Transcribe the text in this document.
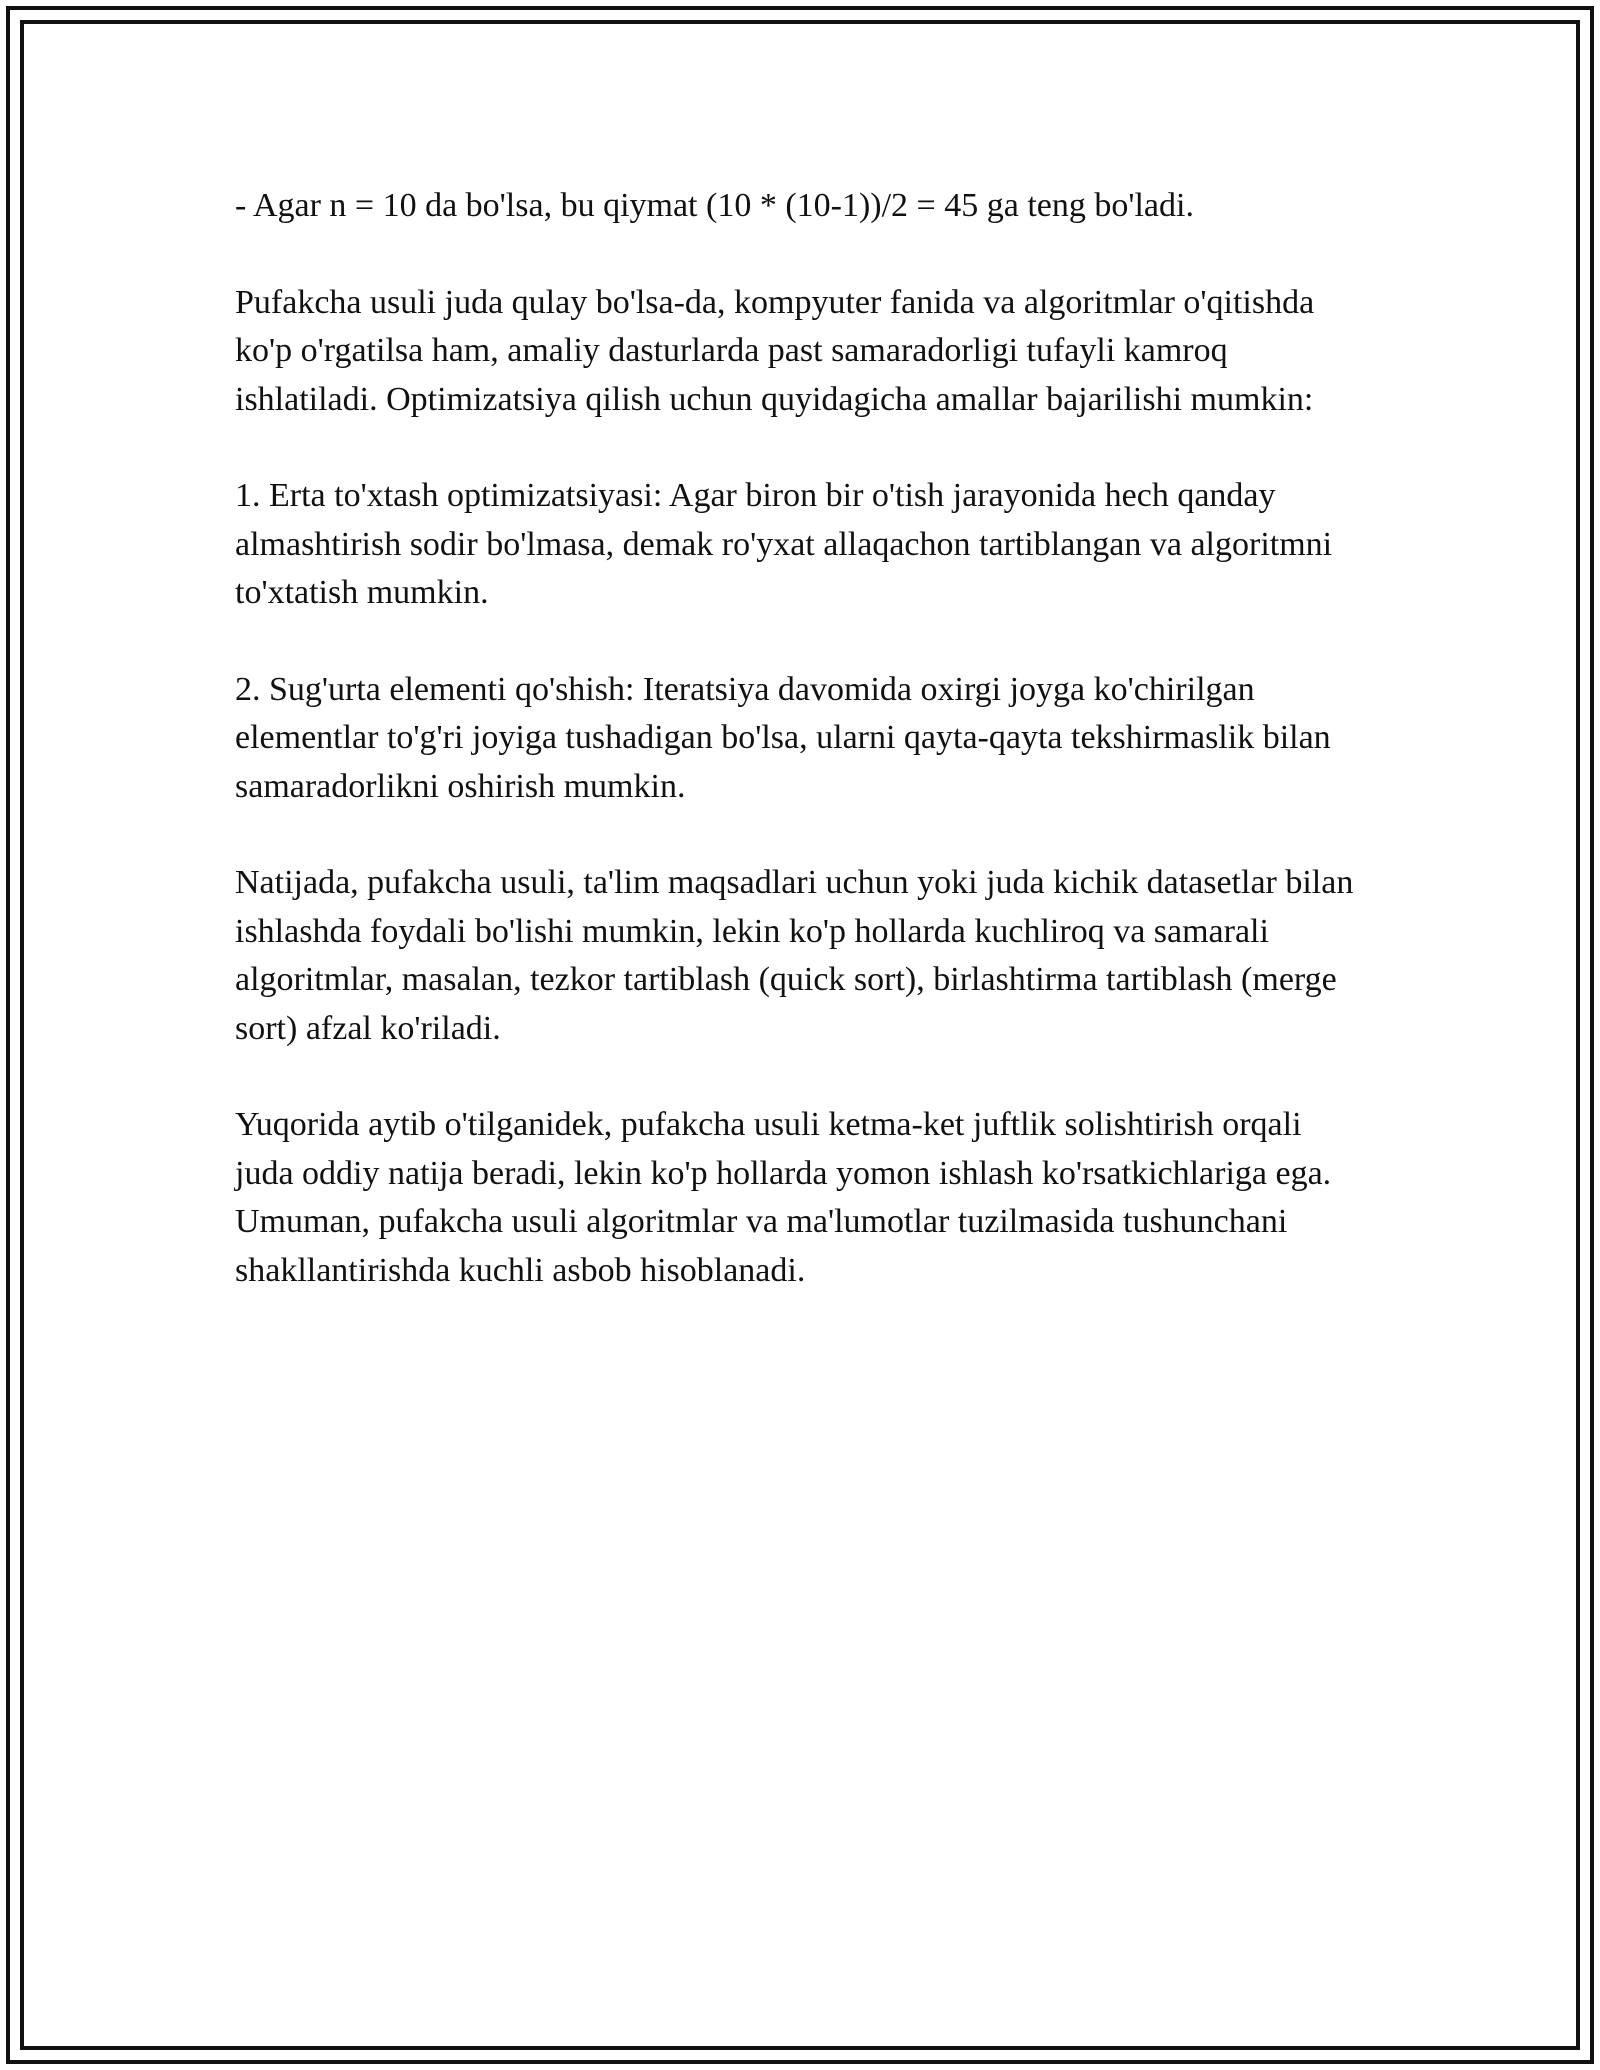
- Agar n = 10 da bo'lsa, bu qiymat (10 * (10-1))/2 = 45 ga teng bo'ladi.

Pufakcha usuli juda qulay bo'lsa-da, kompyuter fanida va algoritmlar o'qitishda ko'p o'rgatilsa ham, amaliy dasturlarda past samaradorligi tufayli kamroq ishlatiladi. Optimizatsiya qilish uchun quyidagicha amallar bajarilishi mumkin:

1. Erta to'xtash optimizatsiyasi: Agar biron bir o'tish jarayonida hech qanday almashtirish sodir bo'lmasa, demak ro'yxat allaqachon tartiblangan va algoritmni to'xtatish mumkin.

2. Sug'urta elementi qo'shish: Iteratsiya davomida oxirgi joyga ko'chirilgan elementlar to'g'ri joyiga tushadigan bo'lsa, ularni qayta-qayta tekshirmaslik bilan samaradorlikni oshirish mumkin.

Natijada, pufakcha usuli, ta'lim maqsadlari uchun yoki juda kichik datasetlar bilan ishlashda foydali bo'lishi mumkin, lekin ko'p hollarda kuchliroq va samarali algoritmlar, masalan, tezkor tartiblash (quick sort), birlashtirma tartiblash (merge sort) afzal ko'riladi.

Yuqorida aytib o'tilganidek, pufakcha usuli ketma-ket juftlik solishtirish orqali juda oddiy natija beradi, lekin ko'p hollarda yomon ishlash ko'rsatkichlariga ega. Umuman, pufakcha usuli algoritmlar va ma'lumotlar tuzilmasida tushunchani shakllantirishda kuchli asbob hisoblanadi.
